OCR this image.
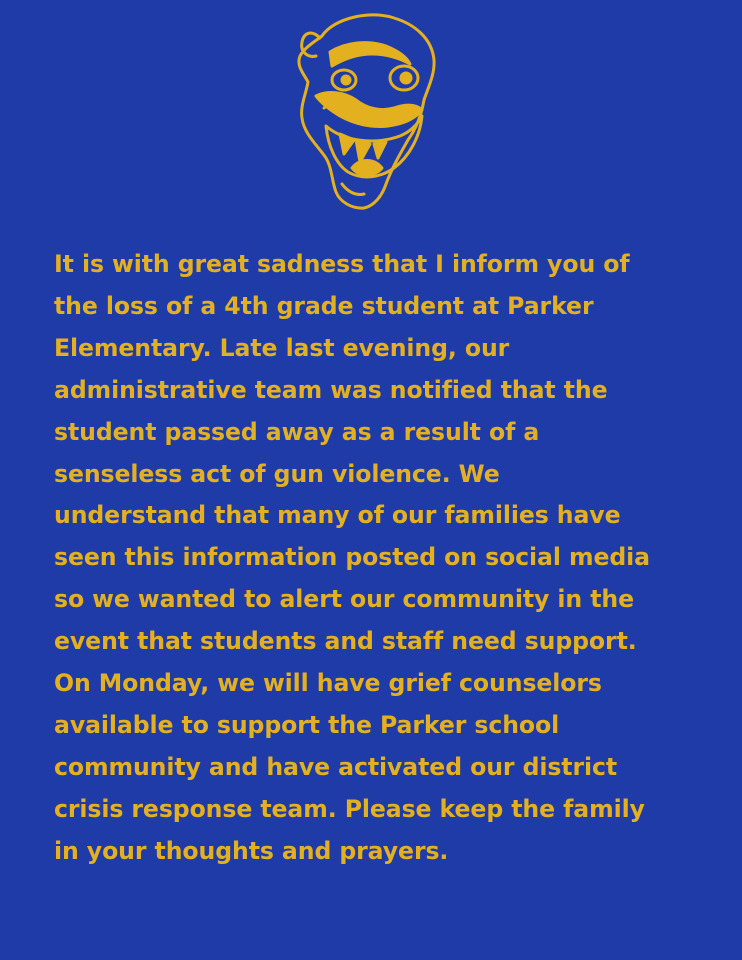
It is with great sadness that I inform you of
the loss of a 4th grade student at Parker
Elementary. Late last evening, our
administrative team was notified that the
student passed away as a result of a
senseless act of gun violence. We
understand that many of our families have
seen this information posted on social media
so we wanted to alert our community in the
event that students and staff need support.
On Monday, we will have grief counselors
available to support the Parker school
community and have activated our district
crisis response team. Please keep the family
in your thoughts and prayers.
